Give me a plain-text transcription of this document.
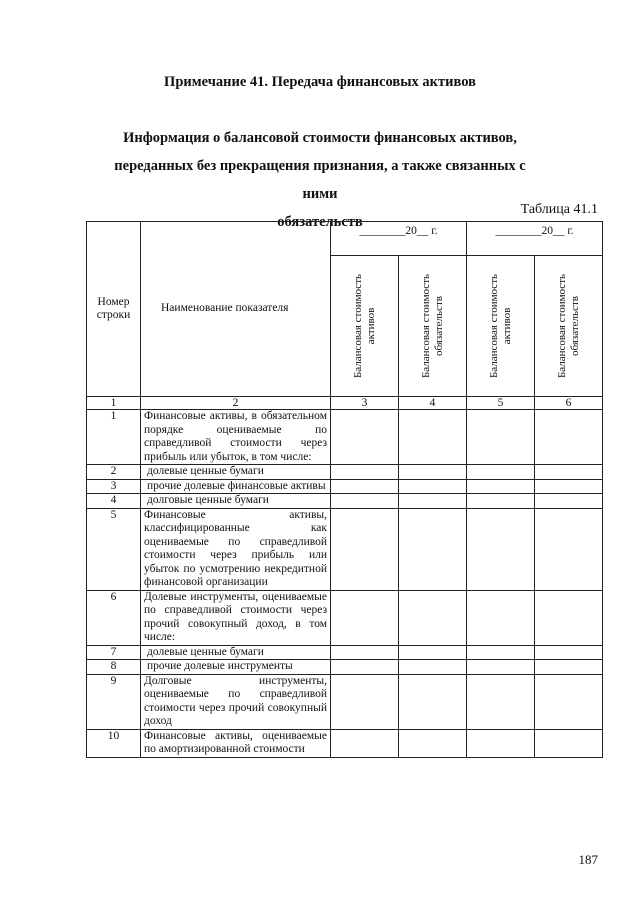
Примечание 41. Передача финансовых активов
Информация о балансовой стоимости финансовых активов,
переданных без прекращения признания, а также связанных с ними
обязательств
Таблица 41.1
Номер строки	Наименование показателя	________20__ г.		________20__ г.	

		Балансовая стоимость активов	Балансовая стоимость обязательств	Балансовая стоимость активов	Балансовая стоимость обязательств

1	2	3	4	5	6
1	Финансовые активы, в обязательном порядке оцениваемые по справедливой стоимости через прибыль или убыток, в том числе:				
2	долевые ценные бумаги				
3	прочие долевые финансовые активы				
4	долговые ценные бумаги				
5	Финансовые активы, классифицированные как оцениваемые по справедливой стоимости через прибыль или убыток по усмотрению некредитной финансовой организации				
6	Долевые инструменты, оцениваемые по справедливой стоимости через прочий совокупный доход, в том числе:				
7	долевые ценные бумаги				
8	прочие долевые инструменты				
9	Долговые инструменты, оцениваемые по справедливой стоимости через прочий совокупный доход				
10	Финансовые активы, оцениваемые по амортизированной стоимости				
187
